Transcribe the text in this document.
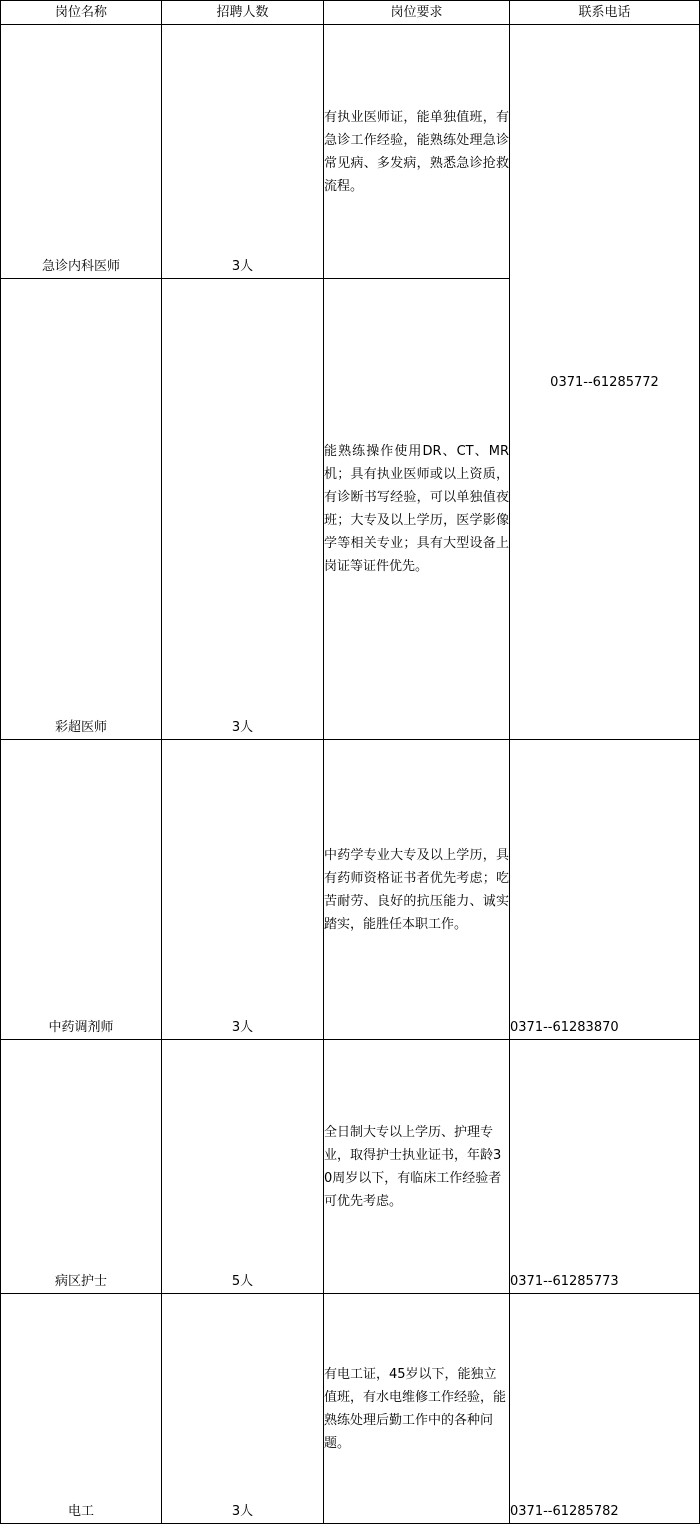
岗位名称	招聘人数	岗位要求	联系电话
急诊内科医师	3人	有执业医师证，能单独值班，有急诊工作经验，能熟练处理急诊常见病、多发病，熟悉急诊抢救流程。	0371--61285772
彩超医师	3人	能熟练操作使用DR、CT、MR机；具有执业医师或以上资质，有诊断书写经验，可以单独值夜班；大专及以上学历，医学影像学等相关专业；具有大型设备上岗证等证件优先。	

中药调剂师	3人	中药学专业大专及以上学历，具有药师资格证书者优先考虑；吃苦耐劳、良好的抗压能力、诚实踏实，能胜任本职工作。	0371--61283870
病区护士	5人	全日制大专以上学历、护理专业，取得护士执业证书，年龄30周岁以下，有临床工作经验者可优先考虑。	0371--61285773
电工	3人	有电工证，45岁以下，能独立值班，有水电维修工作经验，能熟练处理后勤工作中的各种问题。	0371--61285782
